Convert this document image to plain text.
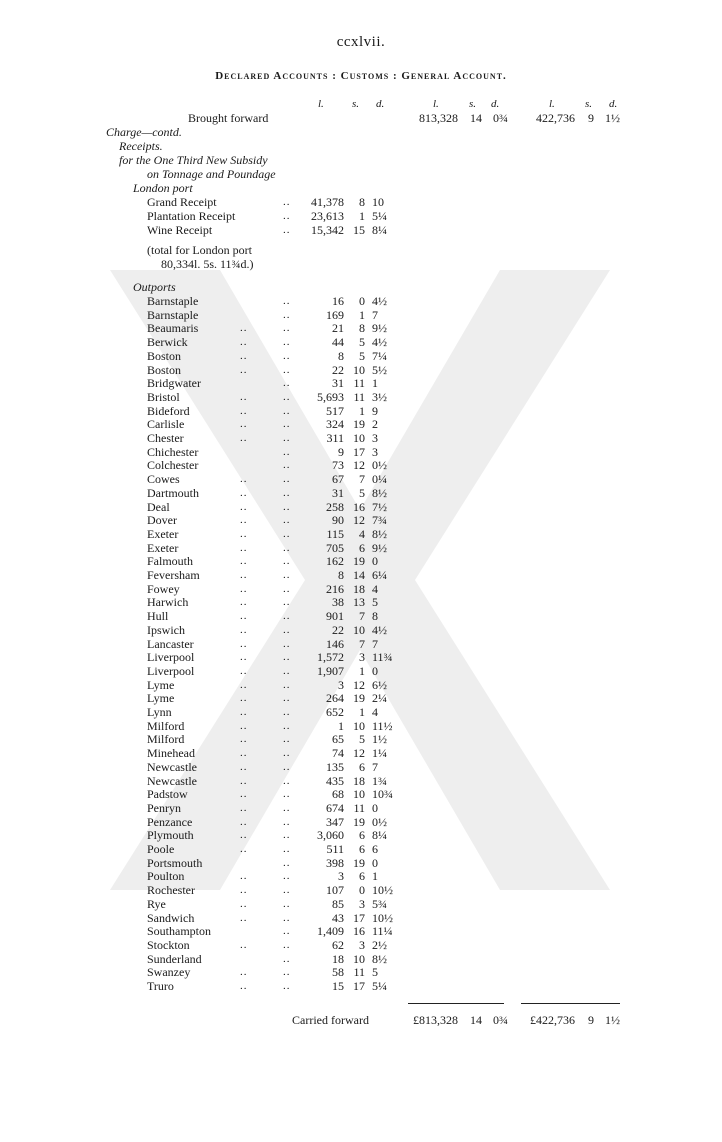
ccxlvii.
Declared Accounts : Customs : General Account.
l.	s. d.	l.	s. d.	l.	s. d.
Brought forward	813,328	14 0¾	422,736	9 1½
Charge—contd.
Receipts.
for the One Third New Subsidy
on Tonnage and Poundage
London port
Grand Receipt	..	41,378	8 10
Plantation Receipt	..	23,613	1 5¼
Wine Receipt	..	15,342 15 8¼
(total for London port
80,334l. 5s. 11¾d.)
Outports
Barnstaple	..	16	0 4½
Barnstaple	..	169	1 7
Beaumaris	..	..	21	8 9½
Berwick	..	..	44	5 4½
Boston	..	..	8	5 7¼
Boston	..	..	22 10 5½
Bridgwater	..	31 11 1
Bristol	..	..	5,693 11 3½
Bideford	..	..	517	1 9
Carlisle	..	..	324 19 2
Chester	..	..	311 10 3
Chichester	..	9 17 3
Colchester	..	73 12 0½
Cowes	..	..	67	7 0¼
Dartmouth	..	..	31	5 8½
Deal	..	..	258 16 7½
Dover	..	..	90 12 7¾
Exeter	..	..	115	4 8½
Exeter	..	..	705	6 9½
Falmouth	..	..	162 19 0
Feversham	..	..	8 14 6¼
Fowey	..	..	216 18 4
Harwich	..	..	38 13 5
Hull	..	..	901	7 8
Ipswich	..	..	22 10 4½
Lancaster	..	..	146	7 7
Liverpool	..	..	1,572	3 11¾
Liverpool	..	..	1,907	1 0
Lyme	..	..	3 12 6½
Lyme	..	..	264 19 2¼
Lynn	..	..	652	1 4
Milford	..	..	1 10 11½
Milford	..	..	65	5 1½
Minehead	..	..	74 12 1¼
Newcastle	..	..	135	6 7
Newcastle	..	..	435 18 1¾
Padstow	..	..	68 10 10¾
Penryn	..	..	674 11 0
Penzance	..	..	347 19 0½
Plymouth	..	..	3,060	6 8¼
Poole	..	..	511	6 6
Portsmouth	..	398 19 0
Poulton	..	..	3	6 1
Rochester	..	..	107	0 10½
Rye	..	..	85	3 5¾
Sandwich	..	..	43 17 10½
Southampton	..	1,409 16 11¼
Stockton	..	..	62	3 2½
Sunderland	..	18 10 8½
Swanzey	..	..	58 11 5
Truro	..	..	15 17 5¼
Carried forward	£813,328	14 0¾	£422,736	9 1½
